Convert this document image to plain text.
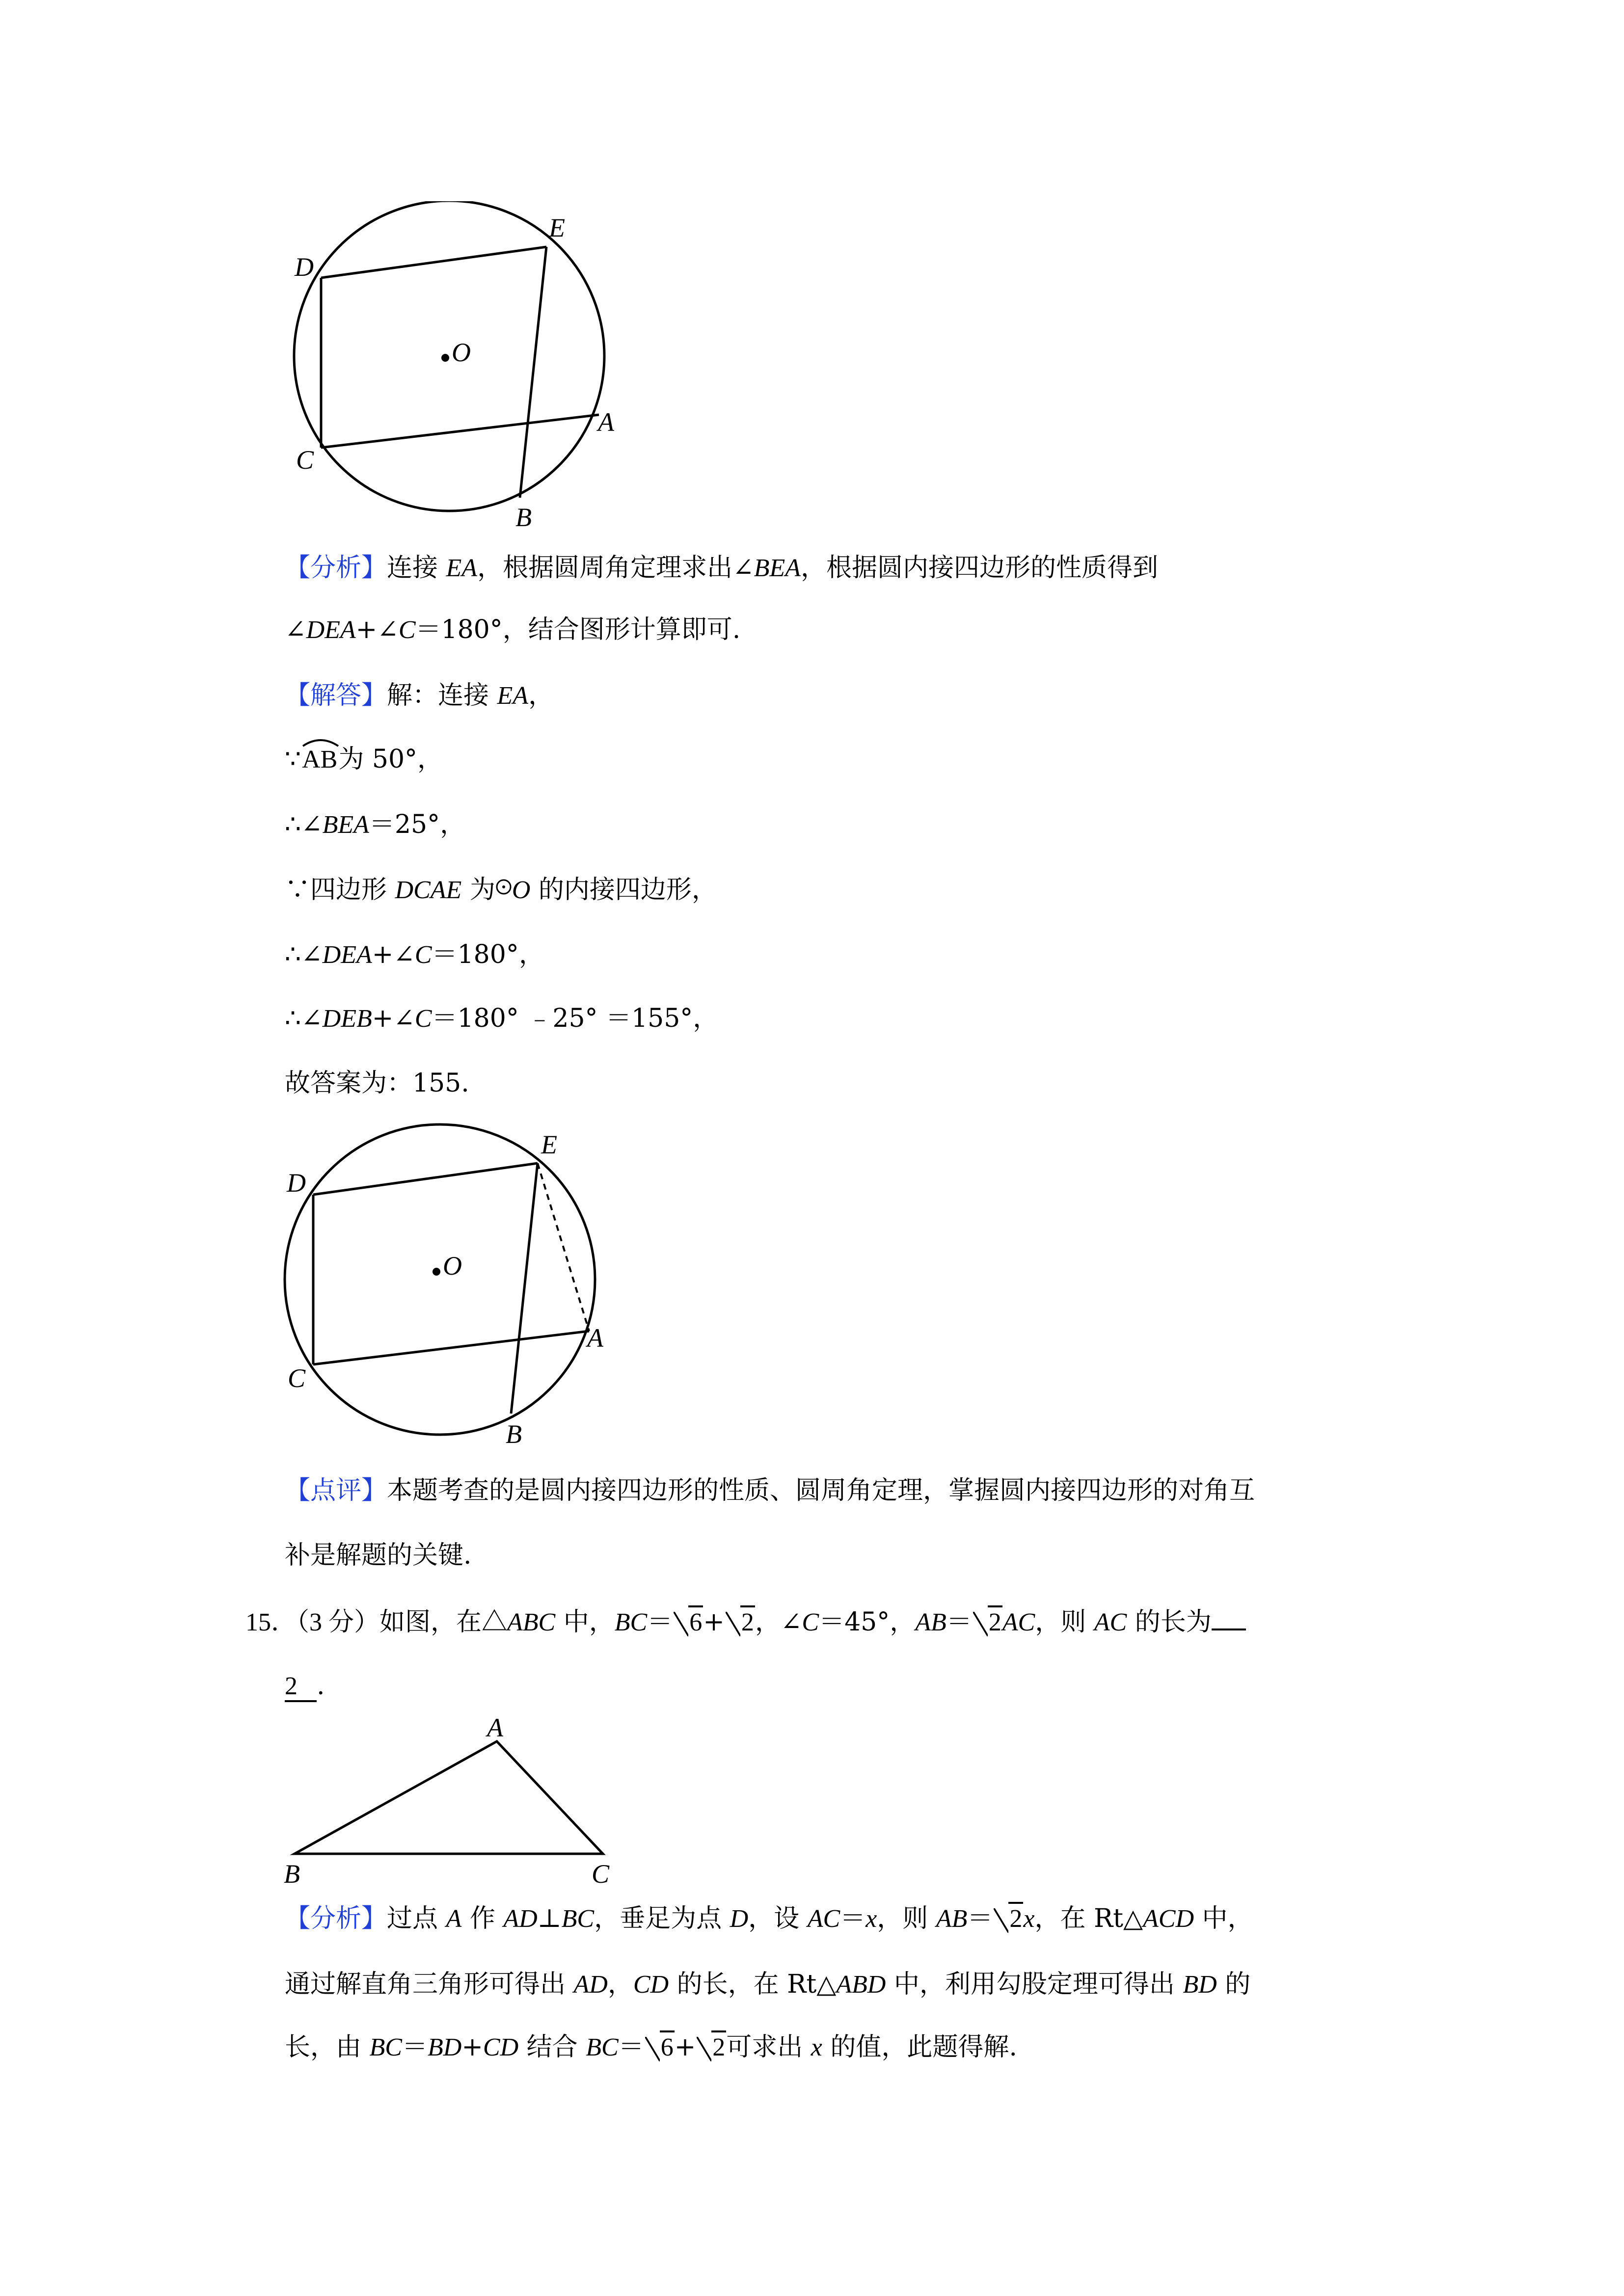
D
E
O
A
C
B

【分析】连接 EA，根据圆周角定理求出∠BEA，根据圆内接四边形的性质得到

∠DEA+∠C＝180°，结合图形计算即可.

【解答】解：连接 EA，

∵
AB为 50°，

∴∠BEA＝25°，

∵四边形 DCAE 为 O 的内接四边形，

∴∠DEA+∠C＝180°，

∴∠DEB+∠C＝180° ﹣25° ＝155°，

故答案为：155.

D
E
O
A
C
B

【点评】本题考查的是圆内接四边形的性质、圆周角定理，掌握圆内接四边形的对角互

补是解题的关键.

15．（3 分）如图，在△ABC 中，BC＝ 6+ 2，∠C＝45°，AB＝ 2AC，则 AC 的长为

2 .

A
B	C

【分析】过点 A 作 AD⊥BC，垂足为点 D，设 AC＝x，则 AB＝ 2x，在 Rt△ACD 中，

通过解直角三角形可得出 AD，CD 的长，在 Rt△ABD 中，利用勾股定理可得出 BD 的

长，由 BC＝BD+CD 结合 BC＝ 6+ 2可求出 x 的值，此题得解.
